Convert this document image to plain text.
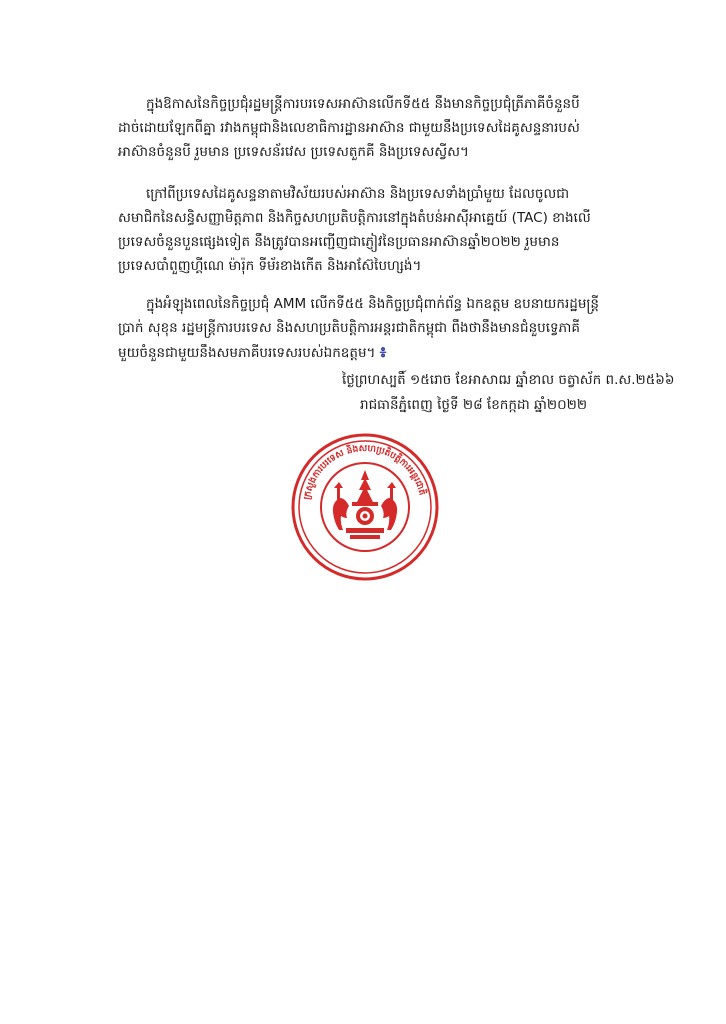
ក្នុងឱកាសនៃកិច្ចប្រជុំរដ្ឋមន្ត្រីការបរទេសអាស៊ានលើកទី៥៥ នឹងមានកិច្ចប្រជុំត្រីភាគីចំនួនបី
ដាច់ដោយឡែកពីគ្នា រវាងកម្ពុជានិងលេខាធិការដ្ឋានអាស៊ាន ជាមួយនឹងប្រទេសដៃគូសន្ទនារបស់
អាស៊ានចំនួនបី រួមមាន ប្រទេសន័រវេស ប្រទេសតួកគី និងប្រទេសស្វីស។
ក្រៅពីប្រទេសដៃគូសន្ទនាតាមវិស័យរបស់អាស៊ាន និងប្រទេសទាំងប្រាំមួយ ដែលចូលជា
សមាជិកនៃសន្ធិសញ្ញាមិត្តភាព និងកិច្ចសហប្រតិបត្តិការនៅក្នុងតំបន់អាស៊ីអាគ្នេយ៍ (TAC) ខាងលើ
ប្រទេសចំនួនបួនផ្សេងទៀត នឹងត្រូវបានអញ្ជើញជាភ្ញៀវនៃប្រធានអាស៊ានឆ្នាំ២០២២ រួមមាន
ប្រទេសបាំពួញហ្គីណេ ម៉ារ៉ុក ទីម័រខាងកើត និងអាស៊ែបៃហ្សង់។
ក្នុងអំឡុងពេលនៃកិច្ចប្រជុំ AMM លើកទី៥៥ និងកិច្ចប្រជុំពាក់ព័ន្ធ ឯកឧត្តម ឧបនាយករដ្ឋមន្ត្រី
ប្រាក់ សុខុន រដ្ឋមន្ត្រីការបរទេស និងសហប្រតិបត្តិការអន្តរជាតិកម្ពុជា ពឹងថានឹងមានជំនួបទ្វេភាគី
មួយចំនួនជាមួយនឹងសមភាគីបរទេសរបស់ឯកឧត្តម។ ៖
ថ្ងៃព្រហស្បតិ៍ ១៥រោច ខែអាសាឍ ឆ្នាំខាល ចត្វាស័ក ព.ស.២៥៦៦
រាជធានីភ្នំពេញ ថ្ងៃទី ២៨ ខែកក្កដា ឆ្នាំ២០២២
ក្រសួងការបរទេស និងសហប្រតិបត្តិការអន្តរជាតិ
